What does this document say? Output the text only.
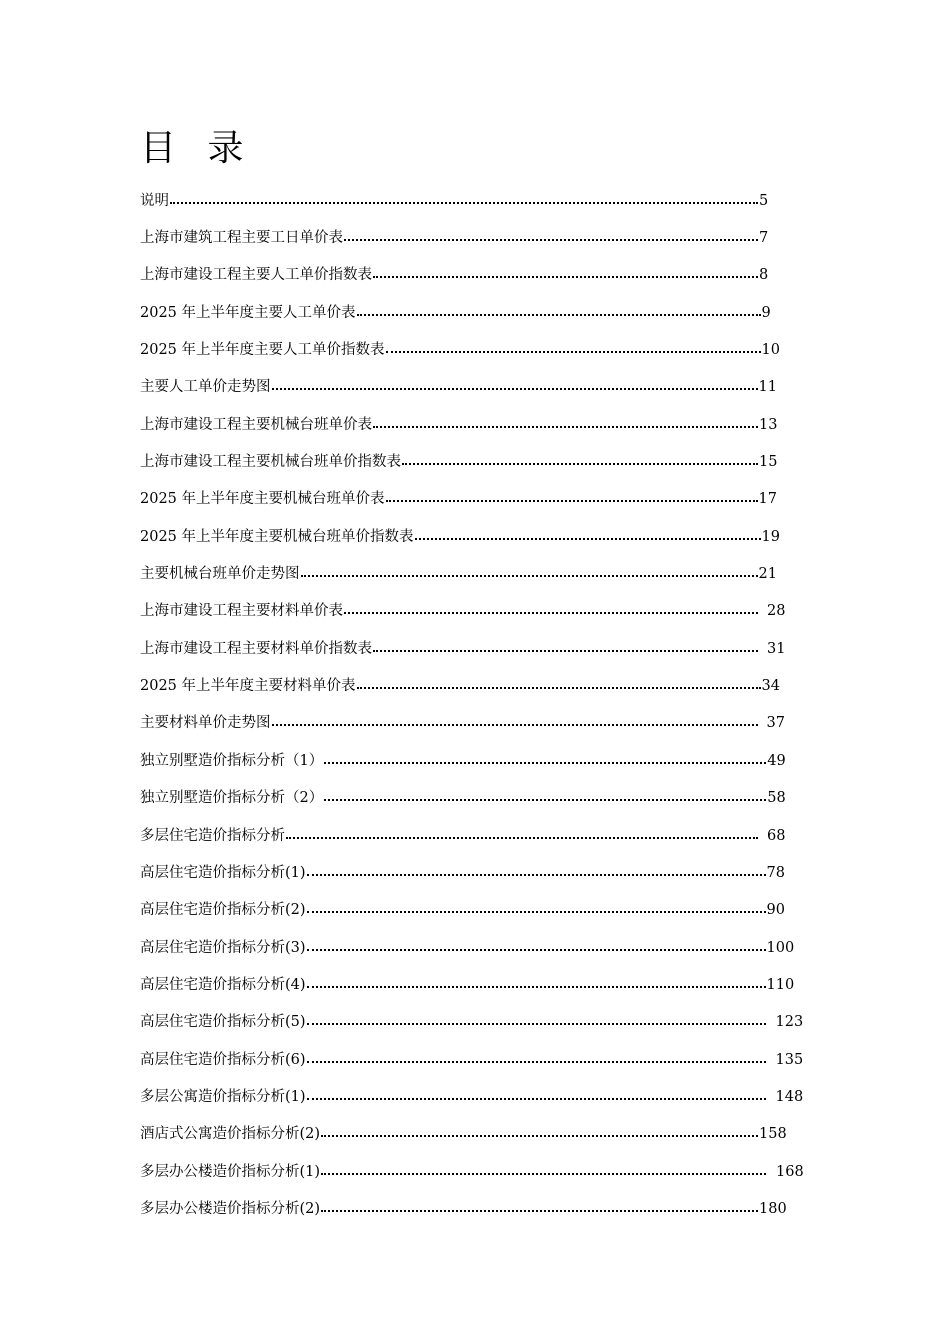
目 录
说明	5
上海市建筑工程主要工日单价表	7
上海市建设工程主要人工单价指数表	8
2025 年上半年度主要人工单价表	9
2025 年上半年度主要人工单价指数表	10
主要人工单价走势图	11
上海市建设工程主要机械台班单价表	13
上海市建设工程主要机械台班单价指数表	15
2025 年上半年度主要机械台班单价表	17
2025 年上半年度主要机械台班单价指数表	19
主要机械台班单价走势图	21
上海市建设工程主要材料单价表	28
上海市建设工程主要材料单价指数表	31
2025 年上半年度主要材料单价表	34
主要材料单价走势图	37
独立别墅造价指标分析（1）	49
独立别墅造价指标分析（2）	58
多层住宅造价指标分析	68
高层住宅造价指标分析(1)	78
高层住宅造价指标分析(2)	90
高层住宅造价指标分析(3)	100
高层住宅造价指标分析(4)	110
高层住宅造价指标分析(5)	123
高层住宅造价指标分析(6)	135
多层公寓造价指标分析(1)	148
酒店式公寓造价指标分析(2)	158
多层办公楼造价指标分析(1)	168
多层办公楼造价指标分析(2)	180
